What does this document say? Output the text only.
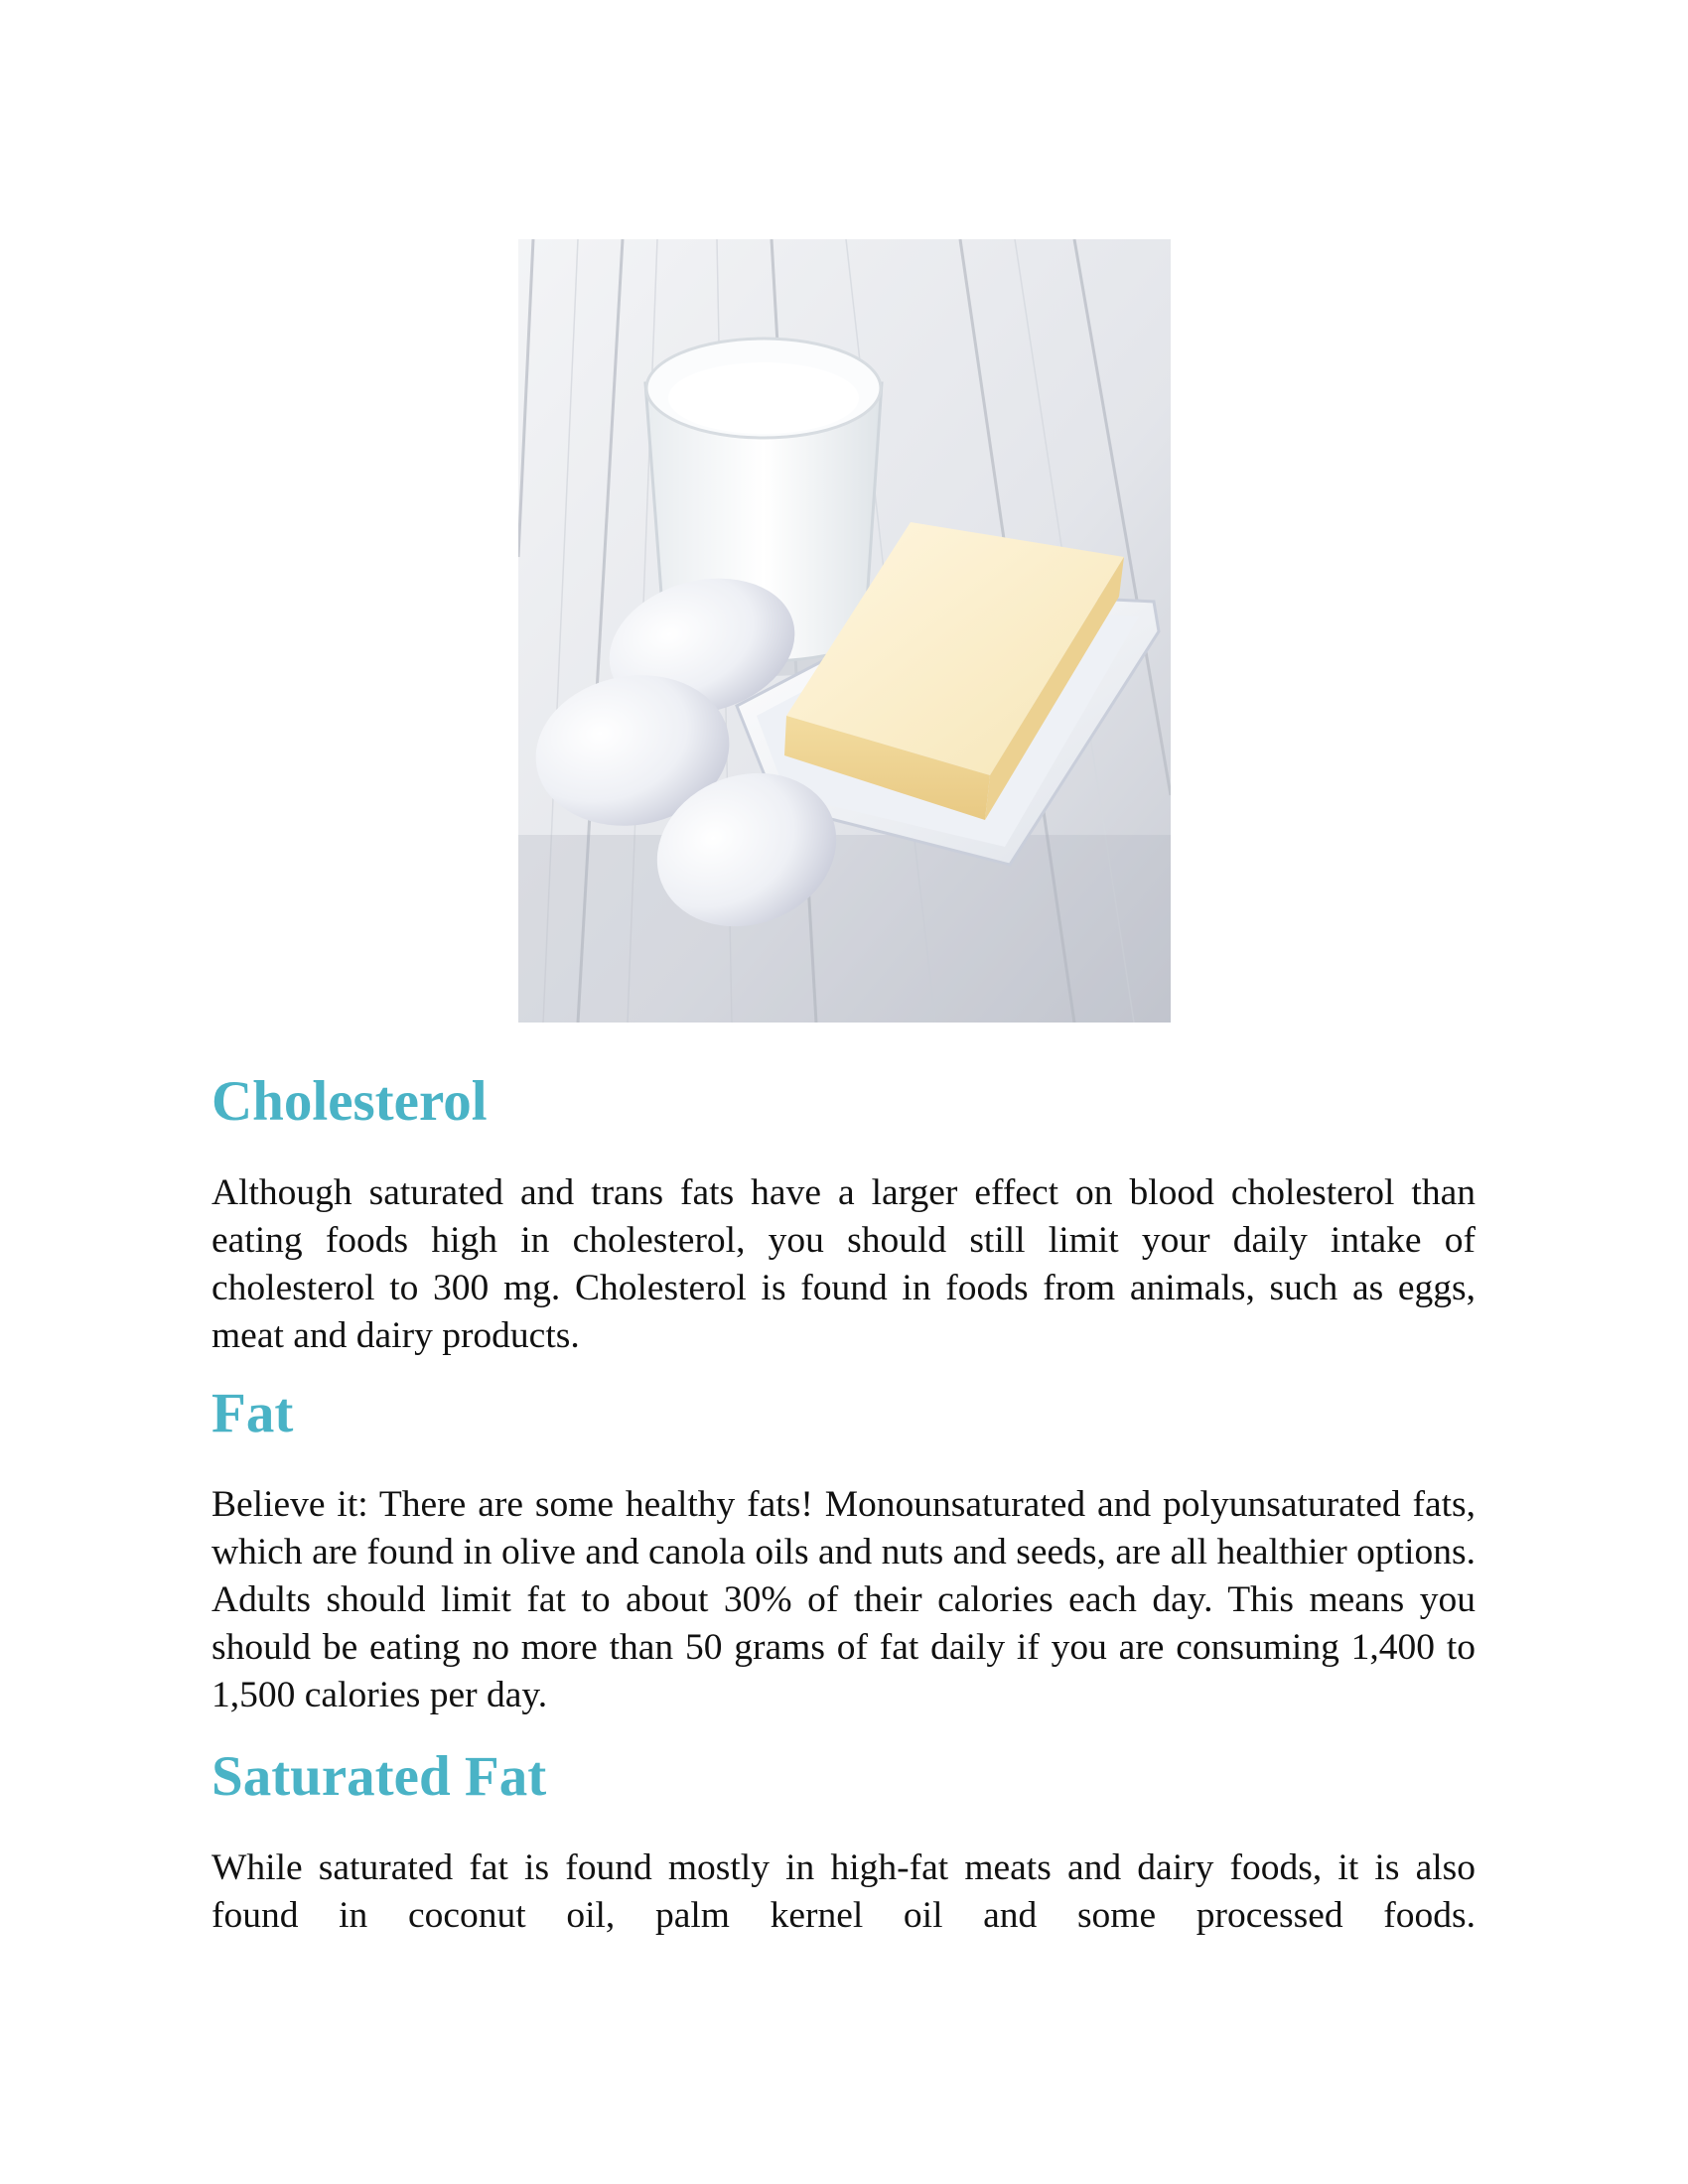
Cholesterol

Although saturated and trans fats have a larger effect on blood cholesterol than eating foods high in cholesterol, you should still limit your daily intake of cholesterol to 300 mg. Cholesterol is found in foods from animals, such as eggs, meat and dairy products.

Fat

Believe it: There are some healthy fats! Monounsaturated and polyunsaturated fats, which are found in olive and canola oils and nuts and seeds, are all healthier options. Adults should limit fat to about 30% of their calories each day. This means you should be eating no more than 50 grams of fat daily if you are consuming 1,400 to 1,500 calories per day.

Saturated Fat

While saturated fat is found mostly in high-fat meats and dairy foods, it is also found in coconut oil, palm kernel oil and some processed foods.
